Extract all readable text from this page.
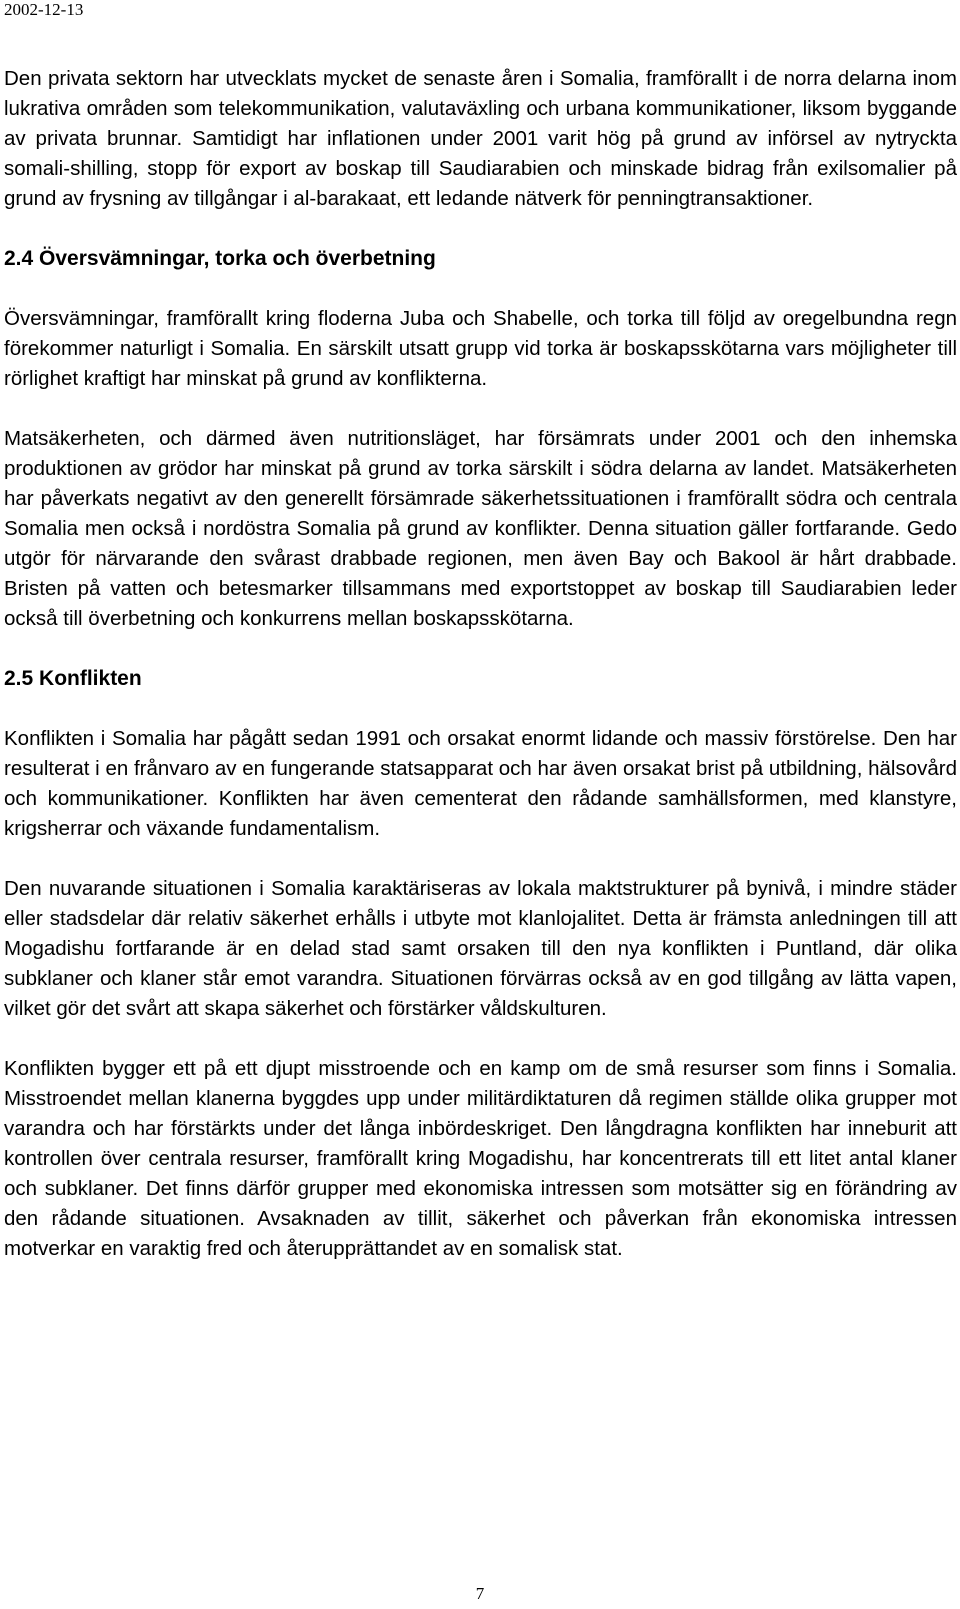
2002-12-13

Den privata sektorn har utvecklats mycket de senaste åren i Somalia, framförallt i de norra delarna inom lukrativa områden som telekommunikation, valutaväxling och urbana kommunikationer, liksom byggande av privata brunnar. Samtidigt har inflationen under 2001 varit hög på grund av införsel av nytryckta somali-shilling, stopp för export av boskap till Saudiarabien och minskade bidrag från exilsomalier på grund av frysning av tillgångar i al-barakaat, ett ledande nätverk för penningtransaktioner.

2.4 Översvämningar, torka och överbetning

Översvämningar, framförallt kring floderna Juba och Shabelle, och torka till följd av oregelbundna regn förekommer naturligt i Somalia. En särskilt utsatt grupp vid torka är boskapsskötarna vars möjligheter till rörlighet kraftigt har minskat på grund av konflikterna.

Matsäkerheten, och därmed även nutritionsläget, har försämrats under 2001 och den inhemska produktionen av grödor har minskat på grund av torka särskilt i södra delarna av landet. Matsäkerheten har påverkats negativt av den generellt försämrade säkerhetssituationen i framförallt södra och centrala Somalia men också i nordöstra Somalia på grund av konflikter. Denna situation gäller fortfarande. Gedo utgör för närvarande den svårast drabbade regionen, men även Bay och Bakool är hårt drabbade. Bristen på vatten och betesmarker tillsammans med exportstoppet av boskap till Saudiarabien leder också till överbetning och konkurrens mellan boskapsskötarna.

2.5 Konflikten

Konflikten i Somalia har pågått sedan 1991 och orsakat enormt lidande och massiv förstörelse. Den har resulterat i en frånvaro av en fungerande statsapparat och har även orsakat brist på utbildning, hälsovård och kommunikationer. Konflikten har även cementerat den rådande samhällsformen, med klanstyre, krigsherrar och växande fundamentalism.

Den nuvarande situationen i Somalia karaktäriseras av lokala maktstrukturer på bynivå, i mindre städer eller stadsdelar där relativ säkerhet erhålls i utbyte mot klanlojalitet. Detta är främsta anledningen till att Mogadishu fortfarande är en delad stad samt orsaken till den nya konflikten i Puntland, där olika subklaner och klaner står emot varandra. Situationen förvärras också av en god tillgång av lätta vapen, vilket gör det svårt att skapa säkerhet och förstärker våldskulturen.

Konflikten bygger ett på ett djupt misstroende och en kamp om de små resurser som finns i Somalia. Misstroendet mellan klanerna byggdes upp under militärdiktaturen då regimen ställde olika grupper mot varandra och har förstärkts under det långa inbördeskriget. Den långdragna konflikten har inneburit att kontrollen över centrala resurser, framförallt kring Mogadishu, har koncentrerats till ett litet antal klaner och subklaner. Det finns därför grupper med ekonomiska intressen som motsätter sig en förändring av den rådande situationen. Avsaknaden av tillit, säkerhet och påverkan från ekonomiska intressen motverkar en varaktig fred och återupprättandet av en somalisk stat.

7
